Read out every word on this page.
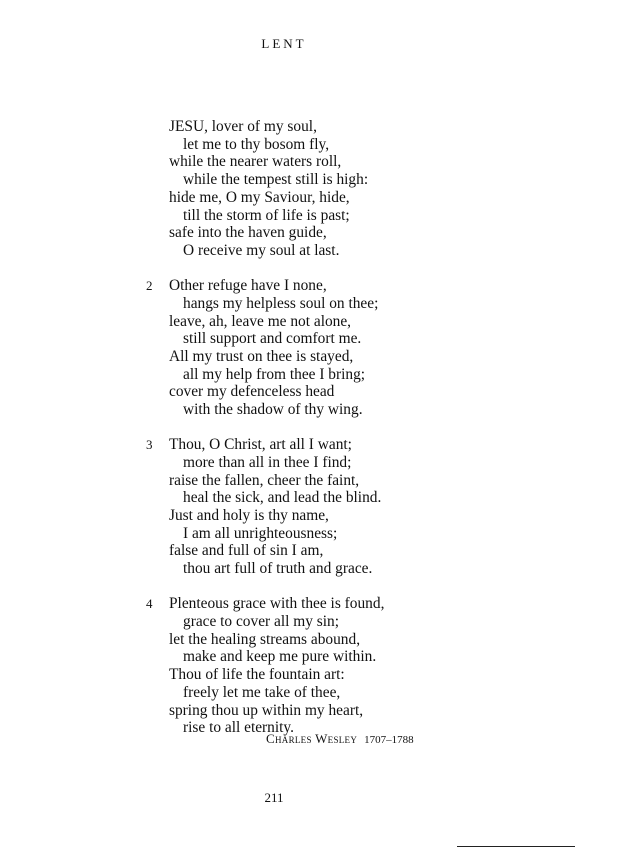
LENT
JESU, lover of my soul,
let me to thy bosom fly,
while the nearer waters roll,
while the tempest still is high:
hide me, O my Saviour, hide,
till the storm of life is past;
safe into the haven guide,
O receive my soul at last.
2 Other refuge have I none,
hangs my helpless soul on thee;
leave, ah, leave me not alone,
still support and comfort me.
All my trust on thee is stayed,
all my help from thee I bring;
cover my defenceless head
with the shadow of thy wing.
3 Thou, O Christ, art all I want;
more than all in thee I find;
raise the fallen, cheer the faint,
heal the sick, and lead the blind.
Just and holy is thy name,
I am all unrighteousness;
false and full of sin I am,
thou art full of truth and grace.
4 Plenteous grace with thee is found,
grace to cover all my sin;
let the healing streams abound,
make and keep me pure within.
Thou of life the fountain art:
freely let me take of thee,
spring thou up within my heart,
rise to all eternity.
Charles Wesley 1707–1788
211
